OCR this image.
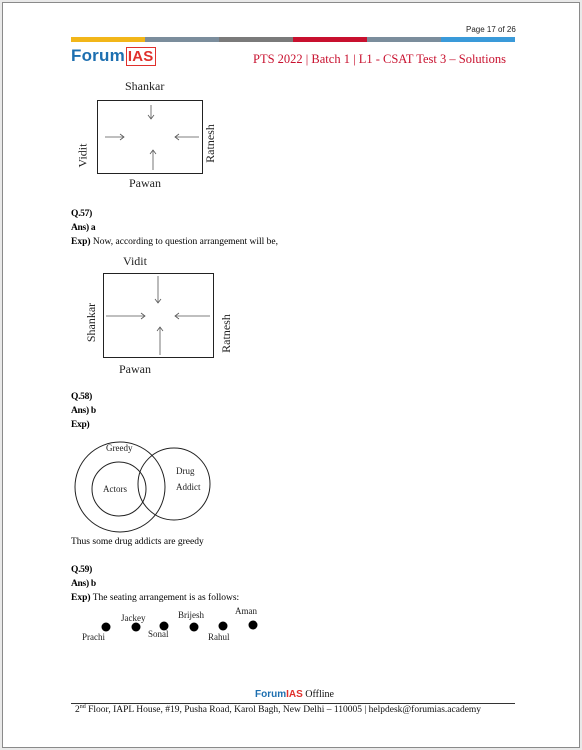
Page 17 of 26
Forum IAS	PTS 2022 | Batch 1 | L1 - CSAT Test 3 – Solutions
Shankar
Vidit	Ratnesh
Pawan
Q.57)
Ans) a
Exp) Now, according to question arrangement will be,
Vidit
Shankar	Ratnesh
Pawan
Q.58)
Ans) b
Exp)
Greedy
Actors
Drug
Addict
Thus some drug addicts are greedy
Q.59)
Ans) b
Exp) The seating arrangement is as follows:
Prachi
Jackey
Sonal
Brijesh
Rahul
Aman
ForumIAS Offline
2nd Floor, IAPL House, #19, Pusha Road, Karol Bagh, New Delhi – 110005 | helpdesk@forumias.academy
